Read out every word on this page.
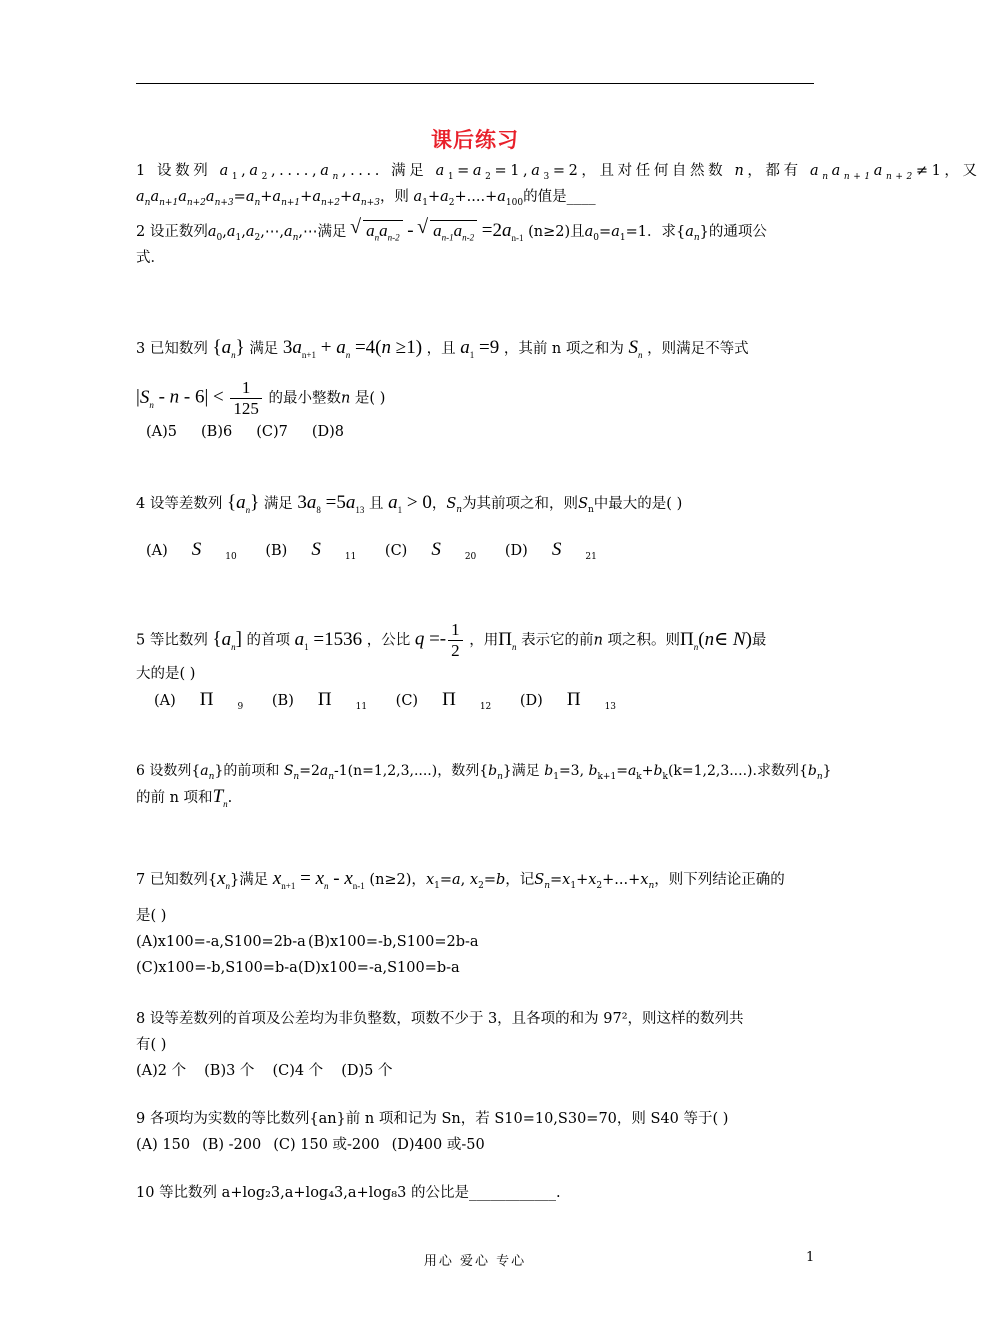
课后练习
1 设数列 $a_1,a_2,....,a_n$,.... 满足 $a_1=a_2=1,a_3=2$，且对任何自然数 n，都有 $a_na_{n+1}a_{n+2}\ne 1$，又
$a_na_{n+1}a_{n+2}a_{n+3}=a_n+a_{n+1}+a_{n+2}+a_{n+3}$，则 $a_1+a_2+....+a_{100}$的值是____
2 设正数列$a_0,a_1,a_2,\cdots,a_n,\cdots$满足 √ $a_na_{n-2}$ - √ $a_{n-1}a_{n-2} =2a_{n-1}$ (n≥2)且$a_0=a_1=1$．求$\{a_n\}$的通项公
式．
3 已知数列 $\{a_n\}$ 满足 $3a_{n+1} + a_n =4(n \ge 1)$ ，且 $a_1 =9$ ，其前 n 项之和为 $S_n$ ，则满足不等式
$|S_n - n - 6| < \frac{1}{125}$ 的最小整数n 是( )
(A)5 (B)6 (C)7 (D)8
4 设等差数列 $\{a_n\}$ 满足 $3a_8 =5a_{13}$ 且 $a_1 > 0$，$S_n$为其前项之和，则$S_n$中最大的是( )
(A) S	$_{10}$ (B) S	$_{11}$ (C) S	$_{20}$ (D) S	$_{21}$
5 等比数列 $\{a_n]$ 的首项 $a_1 =1536$ ，公比 $q =- \frac{1}{2}$ ，用$\Pi_n$ 表示它的前n 项之积。则$\Pi_n(n\in$ N)最
大的是( )
(A) Π	$_9$ (B) Π	$_{11}$ (C) Π	$_{12}$ (D) Π	$_{13}$
6 设数列$\{a_n\}$的前项和 $S_n=2a_n-1(n=1,2,3,....)$，数列$\{b_n\}$满足 $b_1=3$, $b_{k+1}=a_k+b_k(k=1,2,3....)$.求数列$\{b_n\}$
的前 n 项和$T_n$.
7 已知数列$\{x_n\}$满足 $x_{n+1} = x_n - x_{n-1}$ (n≥2)，$x_1=a$, $x_2=b$，记$S_n=x_1+x_2+...+x_n$，则下列结论正确的
是( )
(A)x100=-a,S100=2b-a (B)x100=-b,S100=2b-a
(C)x100=-b,S100=b-a(D)x100=-a,S100=b-a
8 设等差数列的首项及公差均为非负整数，项数不少于 3，且各项的和为 97²，则这样的数列共
有( )
(A)2 个 (B)3 个 (C)4 个 (D)5 个
9 各项均为实数的等比数列{an}前 n 项和记为 Sn，若 S10=10,S30=70，则 S40 等于( )
(A) 150 (B) -200 (C) 150 或-200 (D)400 或-50
10 等比数列 a+log₂3,a+log₄3,a+log₈3 的公比是____________.
用心 爱心 专心	1
